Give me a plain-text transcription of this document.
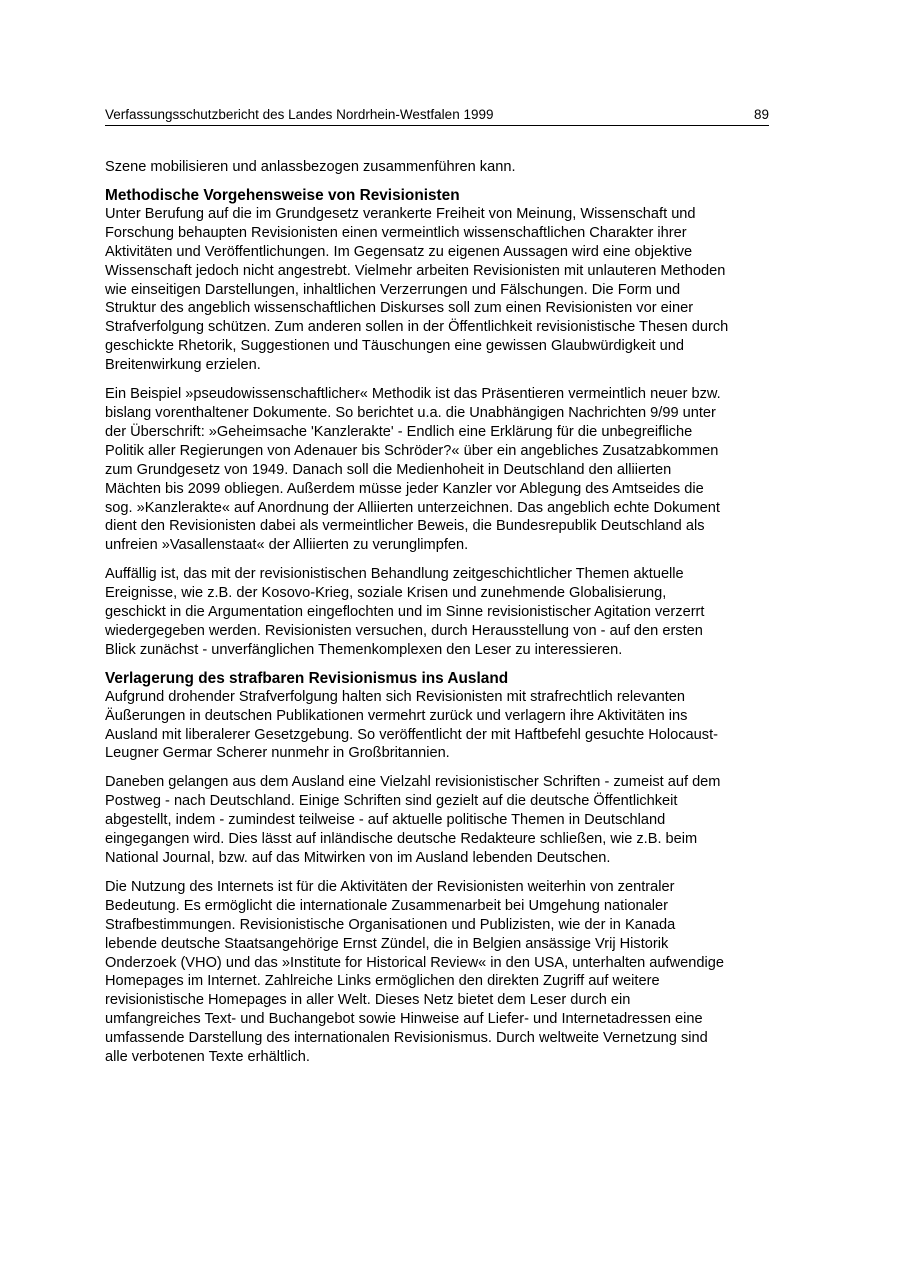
Verfassungsschutzbericht des Landes Nordrhein-Westfalen 1999	89

Szene mobilisieren und anlassbezogen zusammenführen kann.

Methodische Vorgehensweise von Revisionisten

Unter Berufung auf die im Grundgesetz verankerte Freiheit von Meinung, Wissenschaft und
Forschung behaupten Revisionisten einen vermeintlich wissenschaftlichen Charakter ihrer
Aktivitäten und Veröffentlichungen. Im Gegensatz zu eigenen Aussagen wird eine objektive
Wissenschaft jedoch nicht angestrebt. Vielmehr arbeiten Revisionisten mit unlauteren Methoden
wie einseitigen Darstellungen, inhaltlichen Verzerrungen und Fälschungen. Die Form und
Struktur des angeblich wissenschaftlichen Diskurses soll zum einen Revisionisten vor einer
Strafverfolgung schützen. Zum anderen sollen in der Öffentlichkeit revisionistische Thesen durch
geschickte Rhetorik, Suggestionen und Täuschungen eine gewissen Glaubwürdigkeit und
Breitenwirkung erzielen.

Ein Beispiel »pseudowissenschaftlicher« Methodik ist das Präsentieren vermeintlich neuer bzw.
bislang vorenthaltener Dokumente. So berichtet u.a. die Unabhängigen Nachrichten 9/99 unter
der Überschrift: »Geheimsache 'Kanzlerakte' - Endlich eine Erklärung für die unbegreifliche
Politik aller Regierungen von Adenauer bis Schröder?« über ein angebliches Zusatzabkommen
zum Grundgesetz von 1949. Danach soll die Medienhoheit in Deutschland den alliierten
Mächten bis 2099 obliegen. Außerdem müsse jeder Kanzler vor Ablegung des Amtseides die
sog. »Kanzlerakte« auf Anordnung der Alliierten unterzeichnen. Das angeblich echte Dokument
dient den Revisionisten dabei als vermeintlicher Beweis, die Bundesrepublik Deutschland als
unfreien »Vasallenstaat« der Alliierten zu verunglimpfen.

Auffällig ist, das mit der revisionistischen Behandlung zeitgeschichtlicher Themen aktuelle
Ereignisse, wie z.B. der Kosovo-Krieg, soziale Krisen und zunehmende Globalisierung,
geschickt in die Argumentation eingeflochten und im Sinne revisionistischer Agitation verzerrt
wiedergegeben werden. Revisionisten versuchen, durch Herausstellung von - auf den ersten
Blick zunächst - unverfänglichen Themenkomplexen den Leser zu interessieren.

Verlagerung des strafbaren Revisionismus ins Ausland

Aufgrund drohender Strafverfolgung halten sich Revisionisten mit strafrechtlich relevanten
Äußerungen in deutschen Publikationen vermehrt zurück und verlagern ihre Aktivitäten ins
Ausland mit liberalerer Gesetzgebung. So veröffentlicht der mit Haftbefehl gesuchte Holocaust-
Leugner Germar Scherer nunmehr in Großbritannien.

Daneben gelangen aus dem Ausland eine Vielzahl revisionistischer Schriften - zumeist auf dem
Postweg - nach Deutschland. Einige Schriften sind gezielt auf die deutsche Öffentlichkeit
abgestellt, indem - zumindest teilweise - auf aktuelle politische Themen in Deutschland
eingegangen wird. Dies lässt auf inländische deutsche Redakteure schließen, wie z.B. beim
National Journal, bzw. auf das Mitwirken von im Ausland lebenden Deutschen.

Die Nutzung des Internets ist für die Aktivitäten der Revisionisten weiterhin von zentraler
Bedeutung. Es ermöglicht die internationale Zusammenarbeit bei Umgehung nationaler
Strafbestimmungen. Revisionistische Organisationen und Publizisten, wie der in Kanada
lebende deutsche Staatsangehörige Ernst Zündel, die in Belgien ansässige Vrij Historik
Onderzoek (VHO) und das »Institute for Historical Review« in den USA, unterhalten aufwendige
Homepages im Internet. Zahlreiche Links ermöglichen den direkten Zugriff auf weitere
revisionistische Homepages in aller Welt. Dieses Netz bietet dem Leser durch ein
umfangreiches Text- und Buchangebot sowie Hinweise auf Liefer- und Internetadressen eine
umfassende Darstellung des internationalen Revisionismus. Durch weltweite Vernetzung sind
alle verbotenen Texte erhältlich.
